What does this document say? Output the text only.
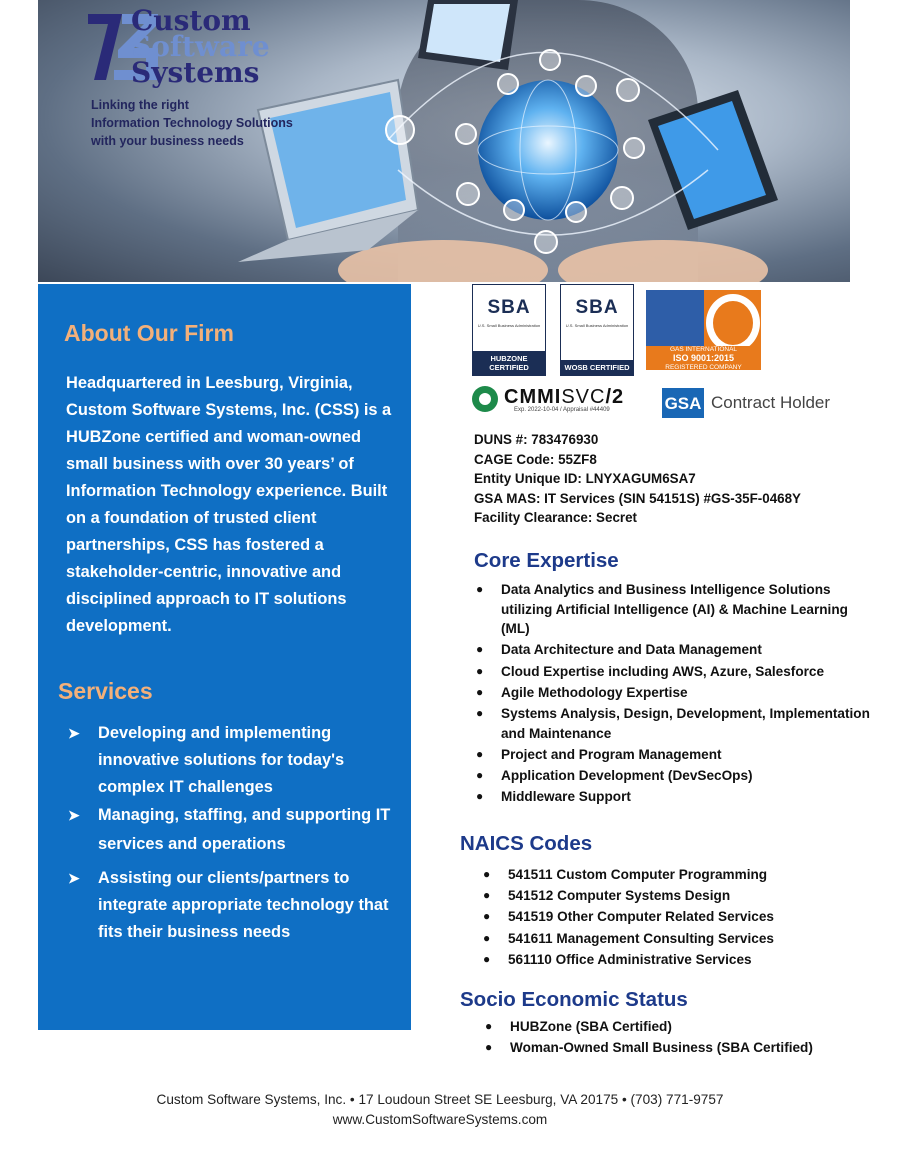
Custom
Software
Systems
Linking the right
Information Technology Solutions
with your business needs
About Our Firm
Headquartered in Leesburg, Virginia, Custom Software Systems, Inc. (CSS) is a HUBZone certified and woman-owned small business with over 30 years’ of Information Technology experience. Built on a foundation of trusted client partnerships, CSS has fostered a stakeholder-centric, innovative and disciplined approach to IT solutions development.
Services
➤ Developing and implementing innovative solutions for today's complex IT challenges
➤ Managing, staffing, and supporting IT services and operations
➤ Assisting our clients/partners to integrate appropriate technology that fits their business needs
SBA
U.S. Small Business Administration
HUBZONE CERTIFIED
SBA
U.S. Small Business Administration
WOSB CERTIFIED
GAS INTERNATIONAL
ISO 9001:2015
REGISTERED COMPANY
CMMISVC/2
Exp. 2022-10-04 / Appraisal #44409	GSA Contract Holder
DUNS #: 783476930
CAGE Code: 55ZF8
Entity Unique ID: LNYXAGUM6SA7
GSA MAS: IT Services (SIN 54151S) #GS-35F-0468Y
Facility Clearance: Secret
Core Expertise
● Data Analytics and Business Intelligence Solutions utilizing Artificial Intelligence (AI) & Machine Learning (ML)
● Data Architecture and Data Management
● Cloud Expertise including AWS, Azure, Salesforce
● Agile Methodology Expertise
● Systems Analysis, Design, Development, Implementation and Maintenance
● Project and Program Management
● Application Development (DevSecOps)
● Middleware Support
NAICS Codes
● 541511 Custom Computer Programming
● 541512 Computer Systems Design
● 541519 Other Computer Related Services
● 541611 Management Consulting Services
● 561110 Office Administrative Services
Socio Economic Status
● HUBZone (SBA Certified)
● Woman-Owned Small Business (SBA Certified)
Custom Software Systems, Inc. • 17 Loudoun Street SE Leesburg, VA 20175 • (703) 771-9757
www.CustomSoftwareSystems.com
